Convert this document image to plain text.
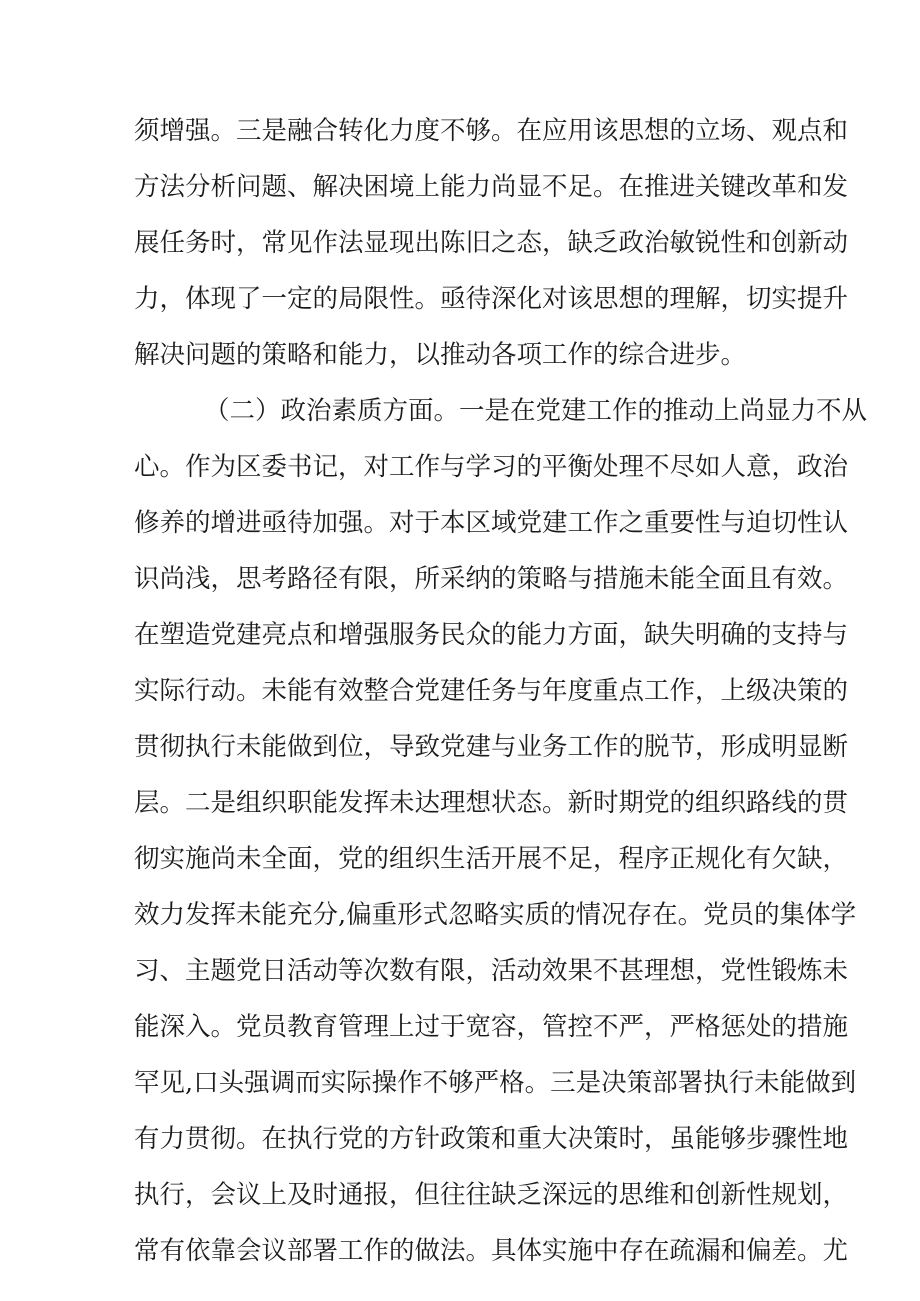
须增强。三是融合转化力度不够。在应用该思想的立场、观点和
方法分析问题、解决困境上能力尚显不足。在推进关键改革和发
展任务时，常见作法显现出陈旧之态，缺乏政治敏锐性和创新动
力，体现了一定的局限性。亟待深化对该思想的理解，切实提升
解决问题的策略和能力，以推动各项工作的综合进步。
（二）政治素质方面。一是在党建工作的推动上尚显力不从
心。作为区委书记，对工作与学习的平衡处理不尽如人意，政治
修养的增进亟待加强。对于本区域党建工作之重要性与迫切性认
识尚浅，思考路径有限，所采纳的策略与措施未能全面且有效。
在塑造党建亮点和增强服务民众的能力方面，缺失明确的支持与
实际行动。未能有效整合党建任务与年度重点工作，上级决策的
贯彻执行未能做到位，导致党建与业务工作的脱节，形成明显断
层。二是组织职能发挥未达理想状态。新时期党的组织路线的贯
彻实施尚未全面，党的组织生活开展不足，程序正规化有欠缺，
效力发挥未能充分,偏重形式忽略实质的情况存在。党员的集体学
习、主题党日活动等次数有限，活动效果不甚理想，党性锻炼未
能深入。党员教育管理上过于宽容，管控不严，严格惩处的措施
罕见,口头强调而实际操作不够严格。三是决策部署执行未能做到
有力贯彻。在执行党的方针政策和重大决策时，虽能够步骤性地
执行，会议上及时通报，但往往缺乏深远的思维和创新性规划，
常有依靠会议部署工作的做法。具体实施中存在疏漏和偏差。尤
